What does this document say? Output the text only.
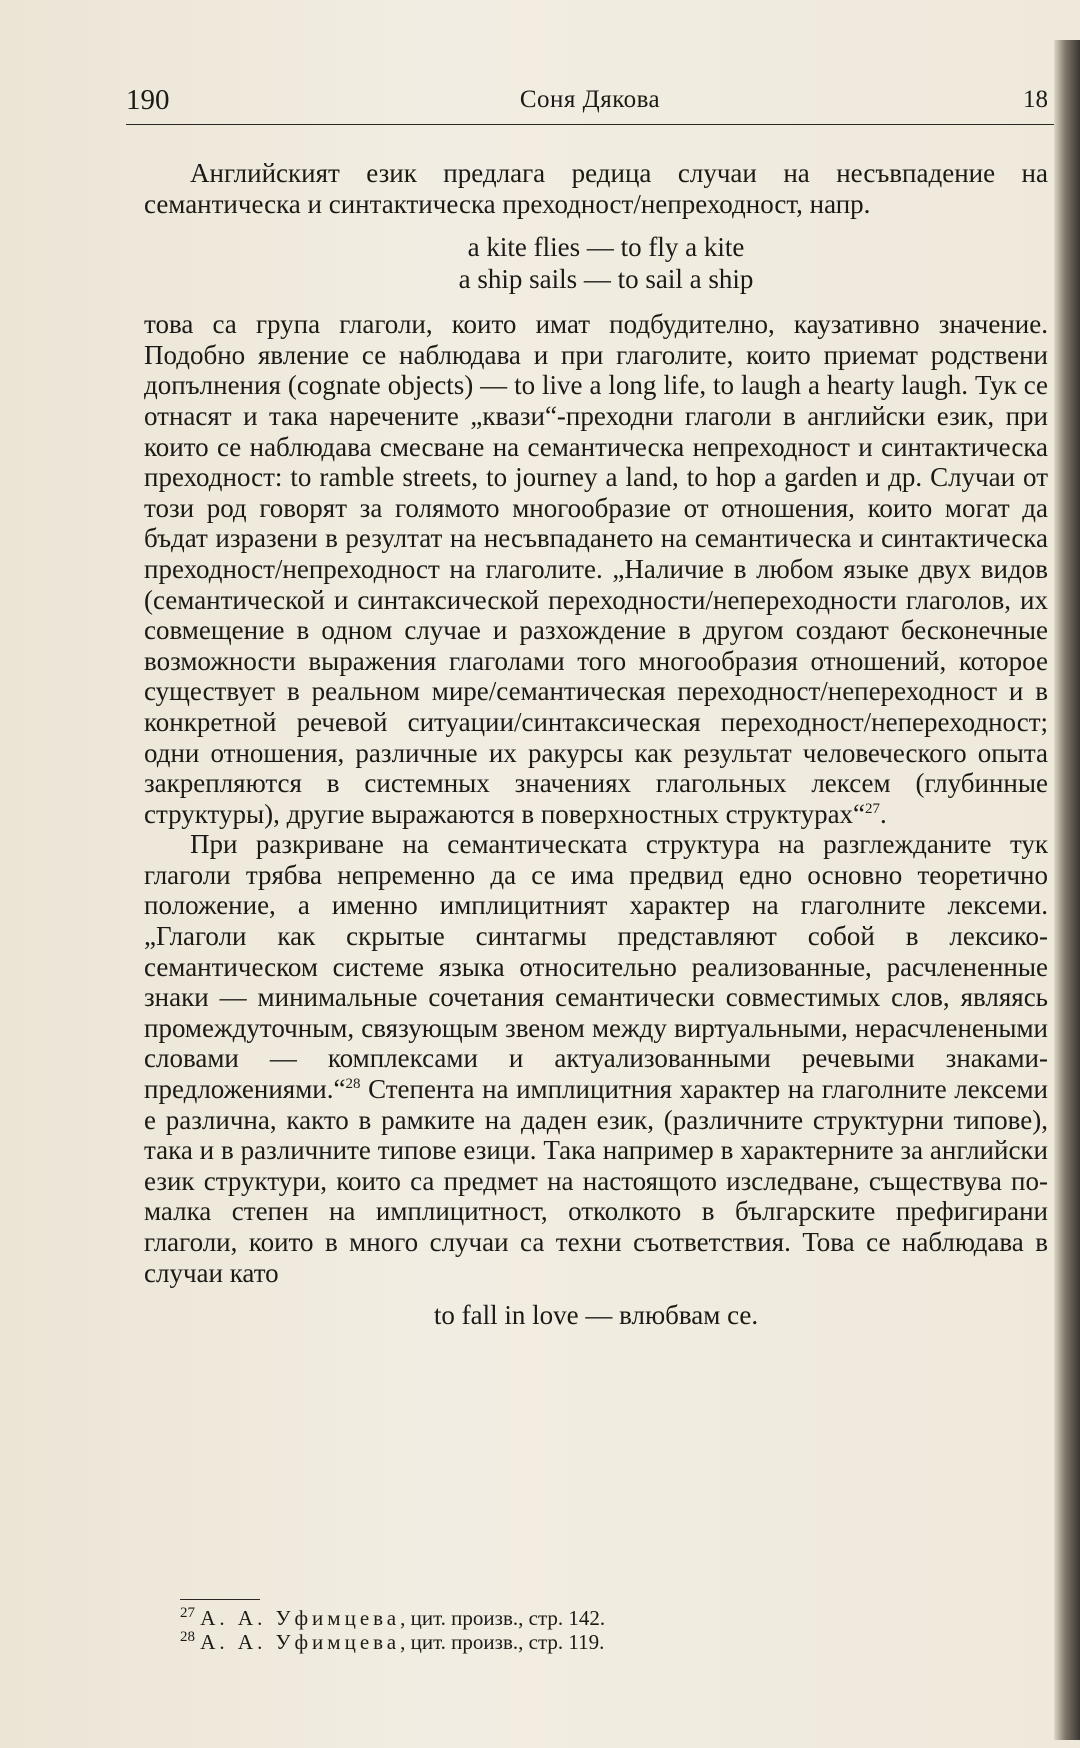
190	Соня Дякова	18

Английският език предлага редица случаи на несъвпадение на семантическа и синтактическа преходност/непреходност, напр.

a kite flies — to fly a kite
a ship sails — to sail a ship

това са група глаголи, които имат подбудително, каузативно значение. Подобно явление се наблюдава и при глаголите, които приемат родствени допълнения (cognate objects) — to live a long life, to laugh a hearty laugh. Тук се отнасят и така наречените „квази“-преходни глаголи в английски език, при които се наблюдава смесване на семантическа непреходност и синтактическа преходност: to ramble streets, to journey a land, to hop a garden и др. Случаи от този род говорят за голямото многообразие от отношения, които могат да бъдат изразени в резултат на несъвпадането на семантическа и синтактическа преходност/непреходност на глаголите. „Наличие в любом языке двух видов (семантической и синтаксической переходности/непереходности глаголов, их совмещение в одном случае и разхождение в другом создают бесконечные возможности выражения глаголами того многообразия отношений, которое существует в реальном мире/семантическая переходност/непереходност и в конкретной речевой ситуации/синтаксическая переходност/непереходност; одни отношения, различные их ракурсы как результат человеческого опыта закрепляются в системных значениях глагольных лексем (глубинные структуры), другие выражаются в поверхностных структурах“$^{27}$.

При разкриване на семантическата структура на разглежданите тук глаголи трябва непременно да се има предвид едно основно теоретично положение, а именно имплицитният характер на глаголните лексеми. „Глаголи как скрытые синтагмы представляют собой в лексико-семантическом системе языка относительно реализованные, расчлененные знаки — минимальные сочетания семантически совместимых слов, являясь промеждуточным, связующым звеном между виртуальными, нерасчленеными словами — комплексами и актуализованными речевыми знаками-предложениями.“$^{28}$ Степента на имплицитния характер на глаголните лексеми е различна, както в рамките на даден език, (различните структурни типове), така и в различните типове езици. Така например в характерните за английски език структури, които са предмет на настоящото изследване, съществува по-малка степен на имплицитност, отколкото в българските префигирани глаголи, които в много случаи са техни съответствия. Това се наблюдава в случаи като

to fall in love — влюбвам се.
$^{27}$ А. А. Уфимцева, цит. произв., стр. 142.
$^{28}$ А. А. Уфимцева, цит. произв., стр. 119.
